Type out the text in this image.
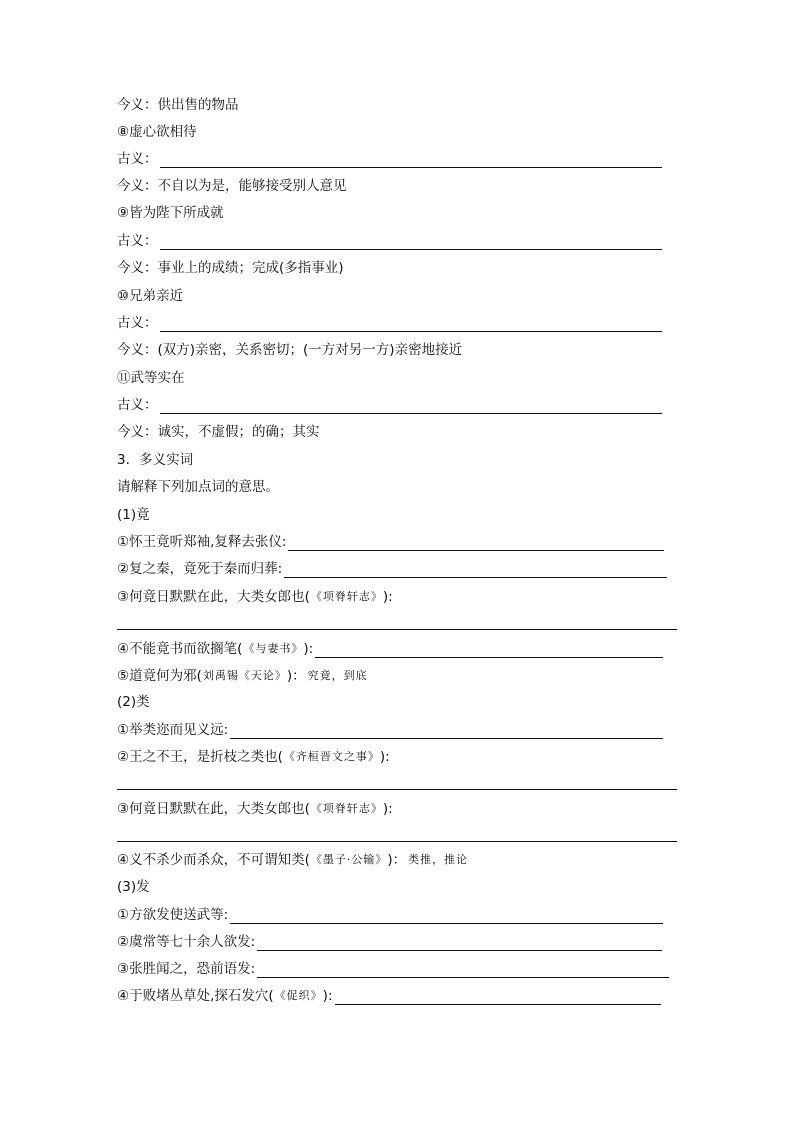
今义：供出售的物品
⑧虚心欲相待
古义：
今义：不自以为是，能够接受别人意见
⑨皆为陛下所成就
古义：
今义：事业上的成绩；完成(多指事业)
⑩兄弟亲近
古义：
今义：(双方)亲密，关系密切；(一方对另一方)亲密地接近
⑪武等实在
古义：
今义：诚实，不虚假；的确；其实
3．多义实词
请解释下列加点词的意思。
(1)竟
①怀王竟听郑袖,复释去张仪:
②复之秦，竟死于秦而归葬:
③何竟日默默在此，大类女郎也( 《项脊轩志》 ):
④不能竟书而欲搁笔( 《与妻书》 ):
⑤道竟何为邪( 刘禹锡《天论》 )： 究竟，到底
(2)类
①举类迩而见义远:
②王之不王，是折枝之类也( 《齐桓晋文之事》 ):
③何竟日默默在此，大类女郎也( 《项脊轩志》 ):
④义不杀少而杀众，不可谓知类( 《墨子·公输》 )： 类推，推论
(3)发
①方欲发使送武等:
②虞常等七十余人欲发:
③张胜闻之，恐前语发:
④于败堵丛草处,探石发穴( 《促织》 ):
